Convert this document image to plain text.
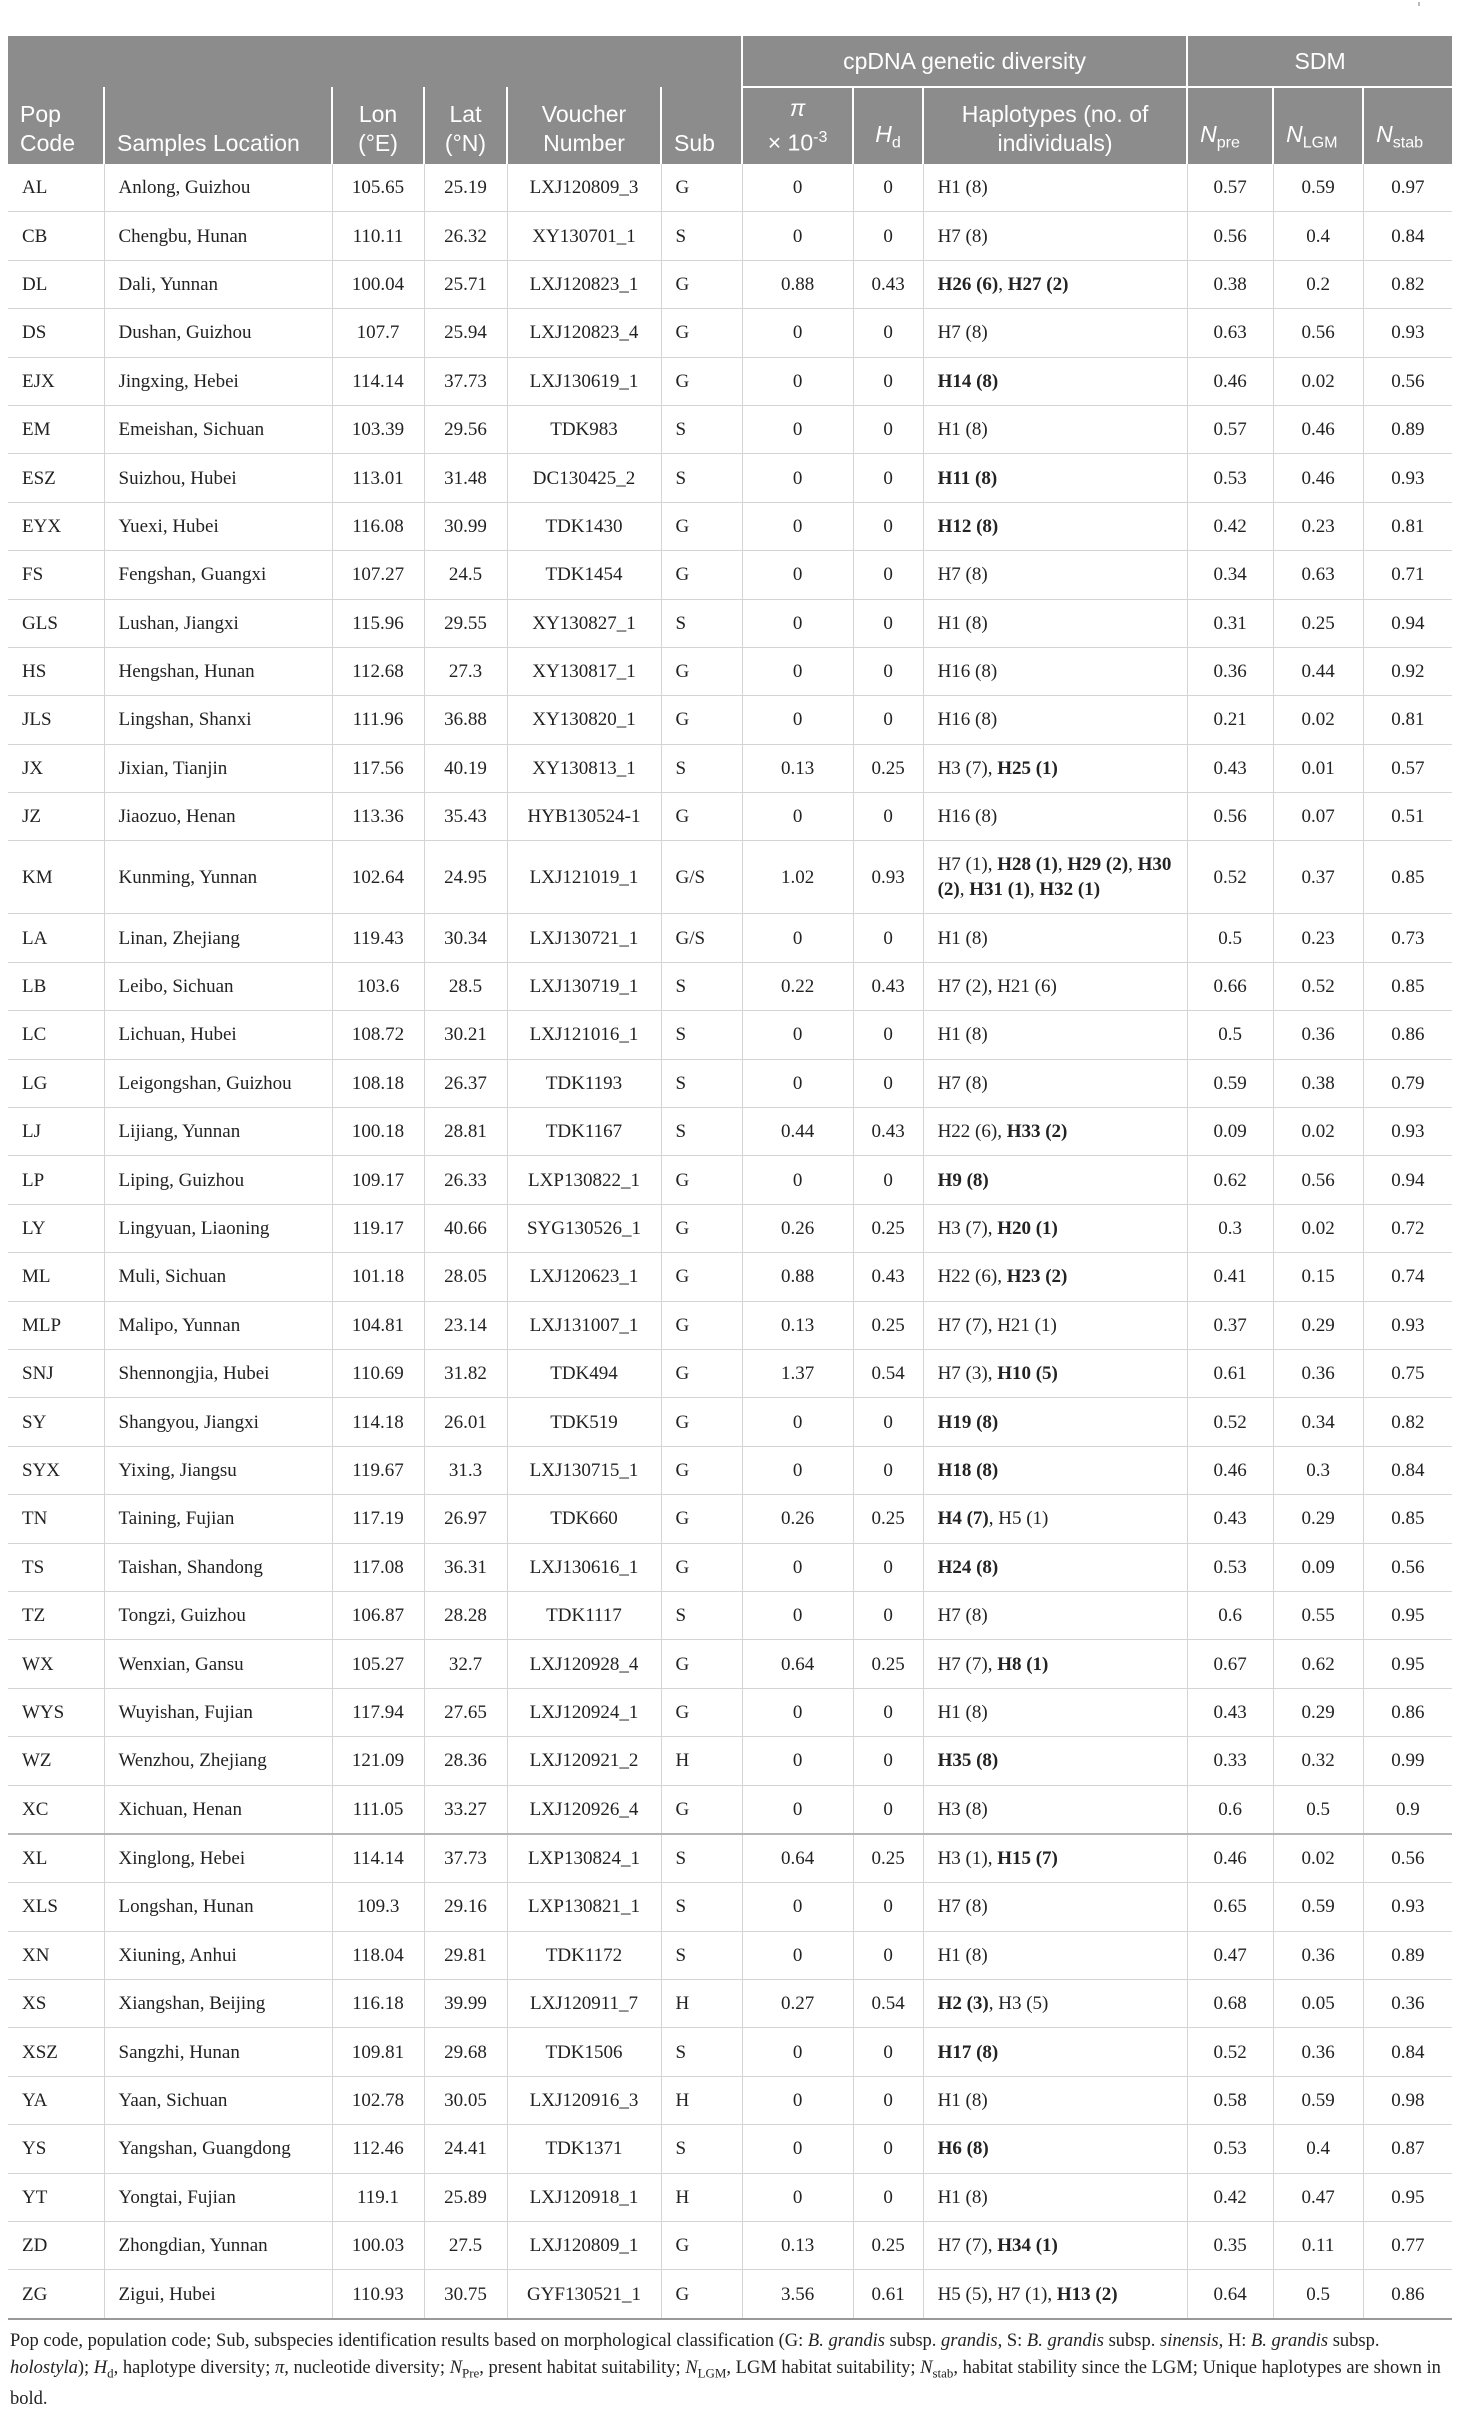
						cpDNA genetic diversity			SDM		
Pop Code	Samples Location	Lon (°E)	Lat (°N)	Voucher Number	Sub	π
× $10^{-3}$	$H_d$	Haplotypes (no. of individuals)	$N_{pre}$	$N_{LGM}$	$N_{stab}$
AL	Anlong, Guizhou	105.65	25.19	LXJ120809_3	G	0	0	H1 (8)	0.57	0.59	0.97
CB	Chengbu, Hunan	110.11	26.32	XY130701_1	S	0	0	H7 (8)	0.56	0.4	0.84
DL	Dali, Yunnan	100.04	25.71	LXJ120823_1	G	0.88	0.43	H26 (6), H27 (2)	0.38	0.2	0.82
DS	Dushan, Guizhou	107.7	25.94	LXJ120823_4	G	0	0	H7 (8)	0.63	0.56	0.93
EJX	Jingxing, Hebei	114.14	37.73	LXJ130619_1	G	0	0	H14 (8)	0.46	0.02	0.56
EM	Emeishan, Sichuan	103.39	29.56	TDK983	S	0	0	H1 (8)	0.57	0.46	0.89
ESZ	Suizhou, Hubei	113.01	31.48	DC130425_2	S	0	0	H11 (8)	0.53	0.46	0.93
EYX	Yuexi, Hubei	116.08	30.99	TDK1430	G	0	0	H12 (8)	0.42	0.23	0.81
FS	Fengshan, Guangxi	107.27	24.5	TDK1454	G	0	0	H7 (8)	0.34	0.63	0.71
GLS	Lushan, Jiangxi	115.96	29.55	XY130827_1	S	0	0	H1 (8)	0.31	0.25	0.94
HS	Hengshan, Hunan	112.68	27.3	XY130817_1	G	0	0	H16 (8)	0.36	0.44	0.92
JLS	Lingshan, Shanxi	111.96	36.88	XY130820_1	G	0	0	H16 (8)	0.21	0.02	0.81
JX	Jixian, Tianjin	117.56	40.19	XY130813_1	S	0.13	0.25	H3 (7), H25 (1)	0.43	0.01	0.57
JZ	Jiaozuo, Henan	113.36	35.43	HYB130524-1	G	0	0	H16 (8)	0.56	0.07	0.51
KM	Kunming, Yunnan	102.64	24.95	LXJ121019_1	G/S	1.02	0.93	H7 (1), H28 (1), H29 (2), H30 (2), H31 (1), H32 (1)	0.52	0.37	0.85
LA	Linan, Zhejiang	119.43	30.34	LXJ130721_1	G/S	0	0	H1 (8)	0.5	0.23	0.73
LB	Leibo, Sichuan	103.6	28.5	LXJ130719_1	S	0.22	0.43	H7 (2), H21 (6)	0.66	0.52	0.85
LC	Lichuan, Hubei	108.72	30.21	LXJ121016_1	S	0	0	H1 (8)	0.5	0.36	0.86
LG	Leigongshan, Guizhou	108.18	26.37	TDK1193	S	0	0	H7 (8)	0.59	0.38	0.79
LJ	Lijiang, Yunnan	100.18	28.81	TDK1167	S	0.44	0.43	H22 (6), H33 (2)	0.09	0.02	0.93
LP	Liping, Guizhou	109.17	26.33	LXP130822_1	G	0	0	H9 (8)	0.62	0.56	0.94
LY	Lingyuan, Liaoning	119.17	40.66	SYG130526_1	G	0.26	0.25	H3 (7), H20 (1)	0.3	0.02	0.72
ML	Muli, Sichuan	101.18	28.05	LXJ120623_1	G	0.88	0.43	H22 (6), H23 (2)	0.41	0.15	0.74
MLP	Malipo, Yunnan	104.81	23.14	LXJ131007_1	G	0.13	0.25	H7 (7), H21 (1)	0.37	0.29	0.93
SNJ	Shennongjia, Hubei	110.69	31.82	TDK494	G	1.37	0.54	H7 (3), H10 (5)	0.61	0.36	0.75
SY	Shangyou, Jiangxi	114.18	26.01	TDK519	G	0	0	H19 (8)	0.52	0.34	0.82
SYX	Yixing, Jiangsu	119.67	31.3	LXJ130715_1	G	0	0	H18 (8)	0.46	0.3	0.84
TN	Taining, Fujian	117.19	26.97	TDK660	G	0.26	0.25	H4 (7), H5 (1)	0.43	0.29	0.85
TS	Taishan, Shandong	117.08	36.31	LXJ130616_1	G	0	0	H24 (8)	0.53	0.09	0.56
TZ	Tongzi, Guizhou	106.87	28.28	TDK1117	S	0	0	H7 (8)	0.6	0.55	0.95
WX	Wenxian, Gansu	105.27	32.7	LXJ120928_4	G	0.64	0.25	H7 (7), H8 (1)	0.67	0.62	0.95
WYS	Wuyishan, Fujian	117.94	27.65	LXJ120924_1	G	0	0	H1 (8)	0.43	0.29	0.86
WZ	Wenzhou, Zhejiang	121.09	28.36	LXJ120921_2	H	0	0	H35 (8)	0.33	0.32	0.99
XC	Xichuan, Henan	111.05	33.27	LXJ120926_4	G	0	0	H3 (8)	0.6	0.5	0.9
XL	Xinglong, Hebei	114.14	37.73	LXP130824_1	S	0.64	0.25	H3 (1), H15 (7)	0.46	0.02	0.56
XLS	Longshan, Hunan	109.3	29.16	LXP130821_1	S	0	0	H7 (8)	0.65	0.59	0.93
XN	Xiuning, Anhui	118.04	29.81	TDK1172	S	0	0	H1 (8)	0.47	0.36	0.89
XS	Xiangshan, Beijing	116.18	39.99	LXJ120911_7	H	0.27	0.54	H2 (3), H3 (5)	0.68	0.05	0.36
XSZ	Sangzhi, Hunan	109.81	29.68	TDK1506	S	0	0	H17 (8)	0.52	0.36	0.84
YA	Yaan, Sichuan	102.78	30.05	LXJ120916_3	H	0	0	H1 (8)	0.58	0.59	0.98
YS	Yangshan, Guangdong	112.46	24.41	TDK1371	S	0	0	H6 (8)	0.53	0.4	0.87
YT	Yongtai, Fujian	119.1	25.89	LXJ120918_1	H	0	0	H1 (8)	0.42	0.47	0.95
ZD	Zhongdian, Yunnan	100.03	27.5	LXJ120809_1	G	0.13	0.25	H7 (7), H34 (1)	0.35	0.11	0.77
ZG	Zigui, Hubei	110.93	30.75	GYF130521_1	G	3.56	0.61	H5 (5), H7 (1), H13 (2)	0.64	0.5	0.86

Pop code, population code; Sub, subspecies identification results based on morphological classification (G: B. grandis subsp. grandis, S: B. grandis subsp. sinensis, H: B. grandis subsp. holostyla); $H_d$, haplotype diversity; π, nucleotide diversity; $N_{Pre}$, present habitat suitability; $N_{LGM}$, LGM habitat suitability; $N_{stab}$, habitat stability since the LGM; Unique haplotypes are shown in bold.
